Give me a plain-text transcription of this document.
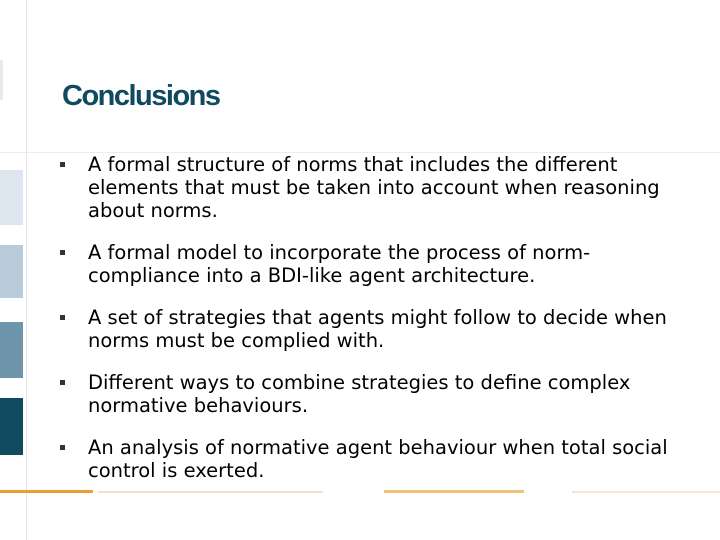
Conclusions
A formal structure of norms that includes the different elements that must be taken into account when reasoning about norms.
A formal model to incorporate the process of norm-compliance into a BDI-like agent architecture.
A set of strategies that agents might follow to decide when norms must be complied with.
Different ways to combine strategies to define complex normative behaviours.
An analysis of normative agent behaviour when total social control is exerted.
